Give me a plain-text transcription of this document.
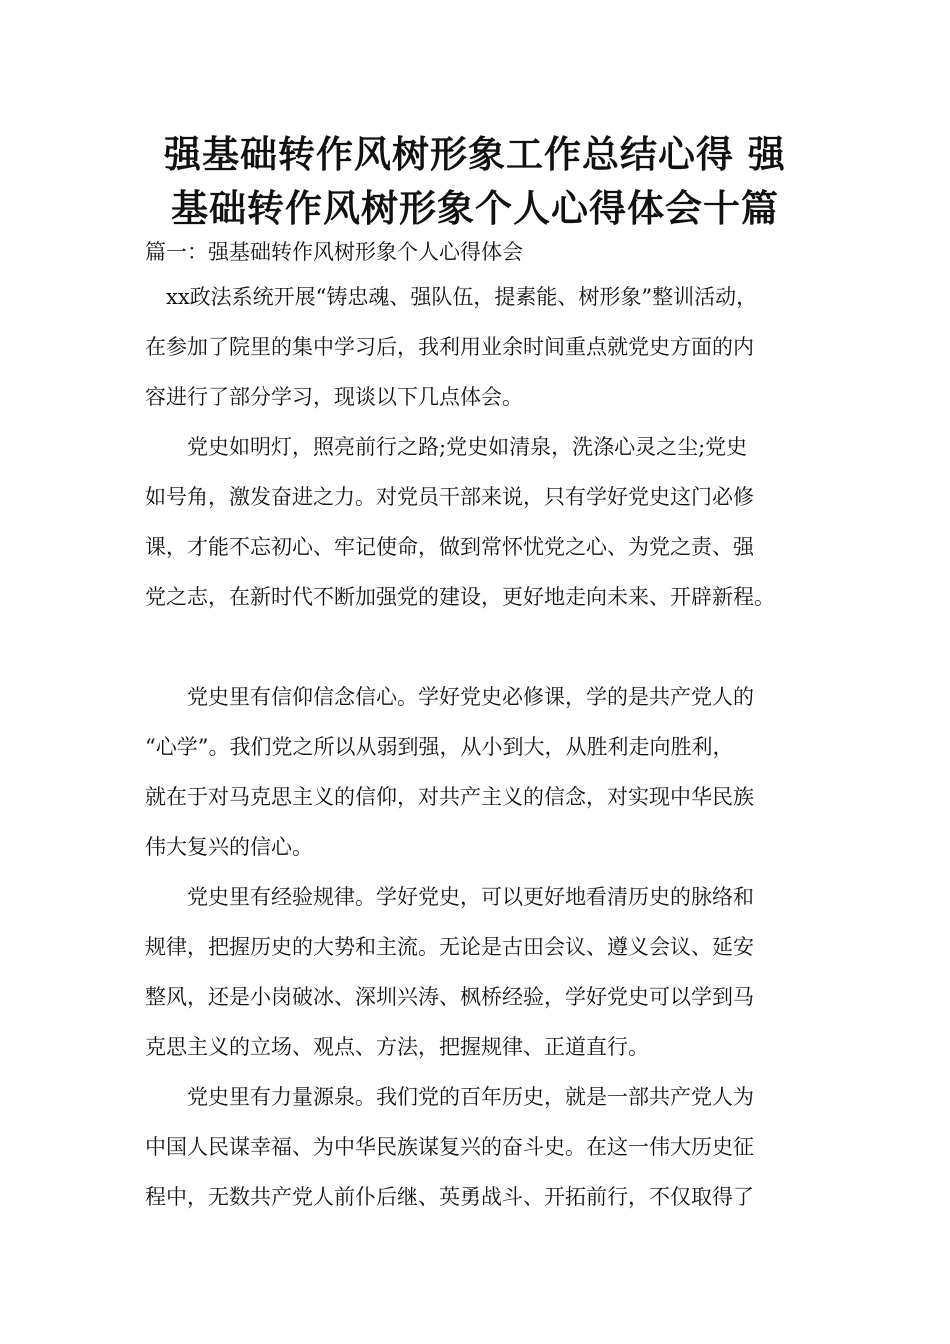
强基础转作风树形象工作总结心得 强
基础转作风树形象个人心得体会十篇

篇一：强基础转作风树形象个人心得体会

xx政法系统开展“铸忠魂、强队伍，提素能、树形象”整训活动，
在参加了院里的集中学习后，我利用业余时间重点就党史方面的内
容进行了部分学习，现谈以下几点体会。

党史如明灯，照亮前行之路;党史如清泉，洗涤心灵之尘;党史
如号角，激发奋进之力。对党员干部来说，只有学好党史这门必修
课，才能不忘初心、牢记使命，做到常怀忧党之心、为党之责、强
党之志，在新时代不断加强党的建设，更好地走向未来、开辟新程。

党史里有信仰信念信心。学好党史必修课，学的是共产党人的
“心学”。我们党之所以从弱到强，从小到大，从胜利走向胜利，
就在于对马克思主义的信仰，对共产主义的信念，对实现中华民族
伟大复兴的信心。

党史里有经验规律。学好党史，可以更好地看清历史的脉络和
规律，把握历史的大势和主流。无论是古田会议、遵义会议、延安
整风，还是小岗破冰、深圳兴涛、枫桥经验，学好党史可以学到马
克思主义的立场、观点、方法，把握规律、正道直行。

党史里有力量源泉。我们党的百年历史，就是一部共产党人为
中国人民谋幸福、为中华民族谋复兴的奋斗史。在这一伟大历史征
程中，无数共产党人前仆后继、英勇战斗、开拓前行，不仅取得了
